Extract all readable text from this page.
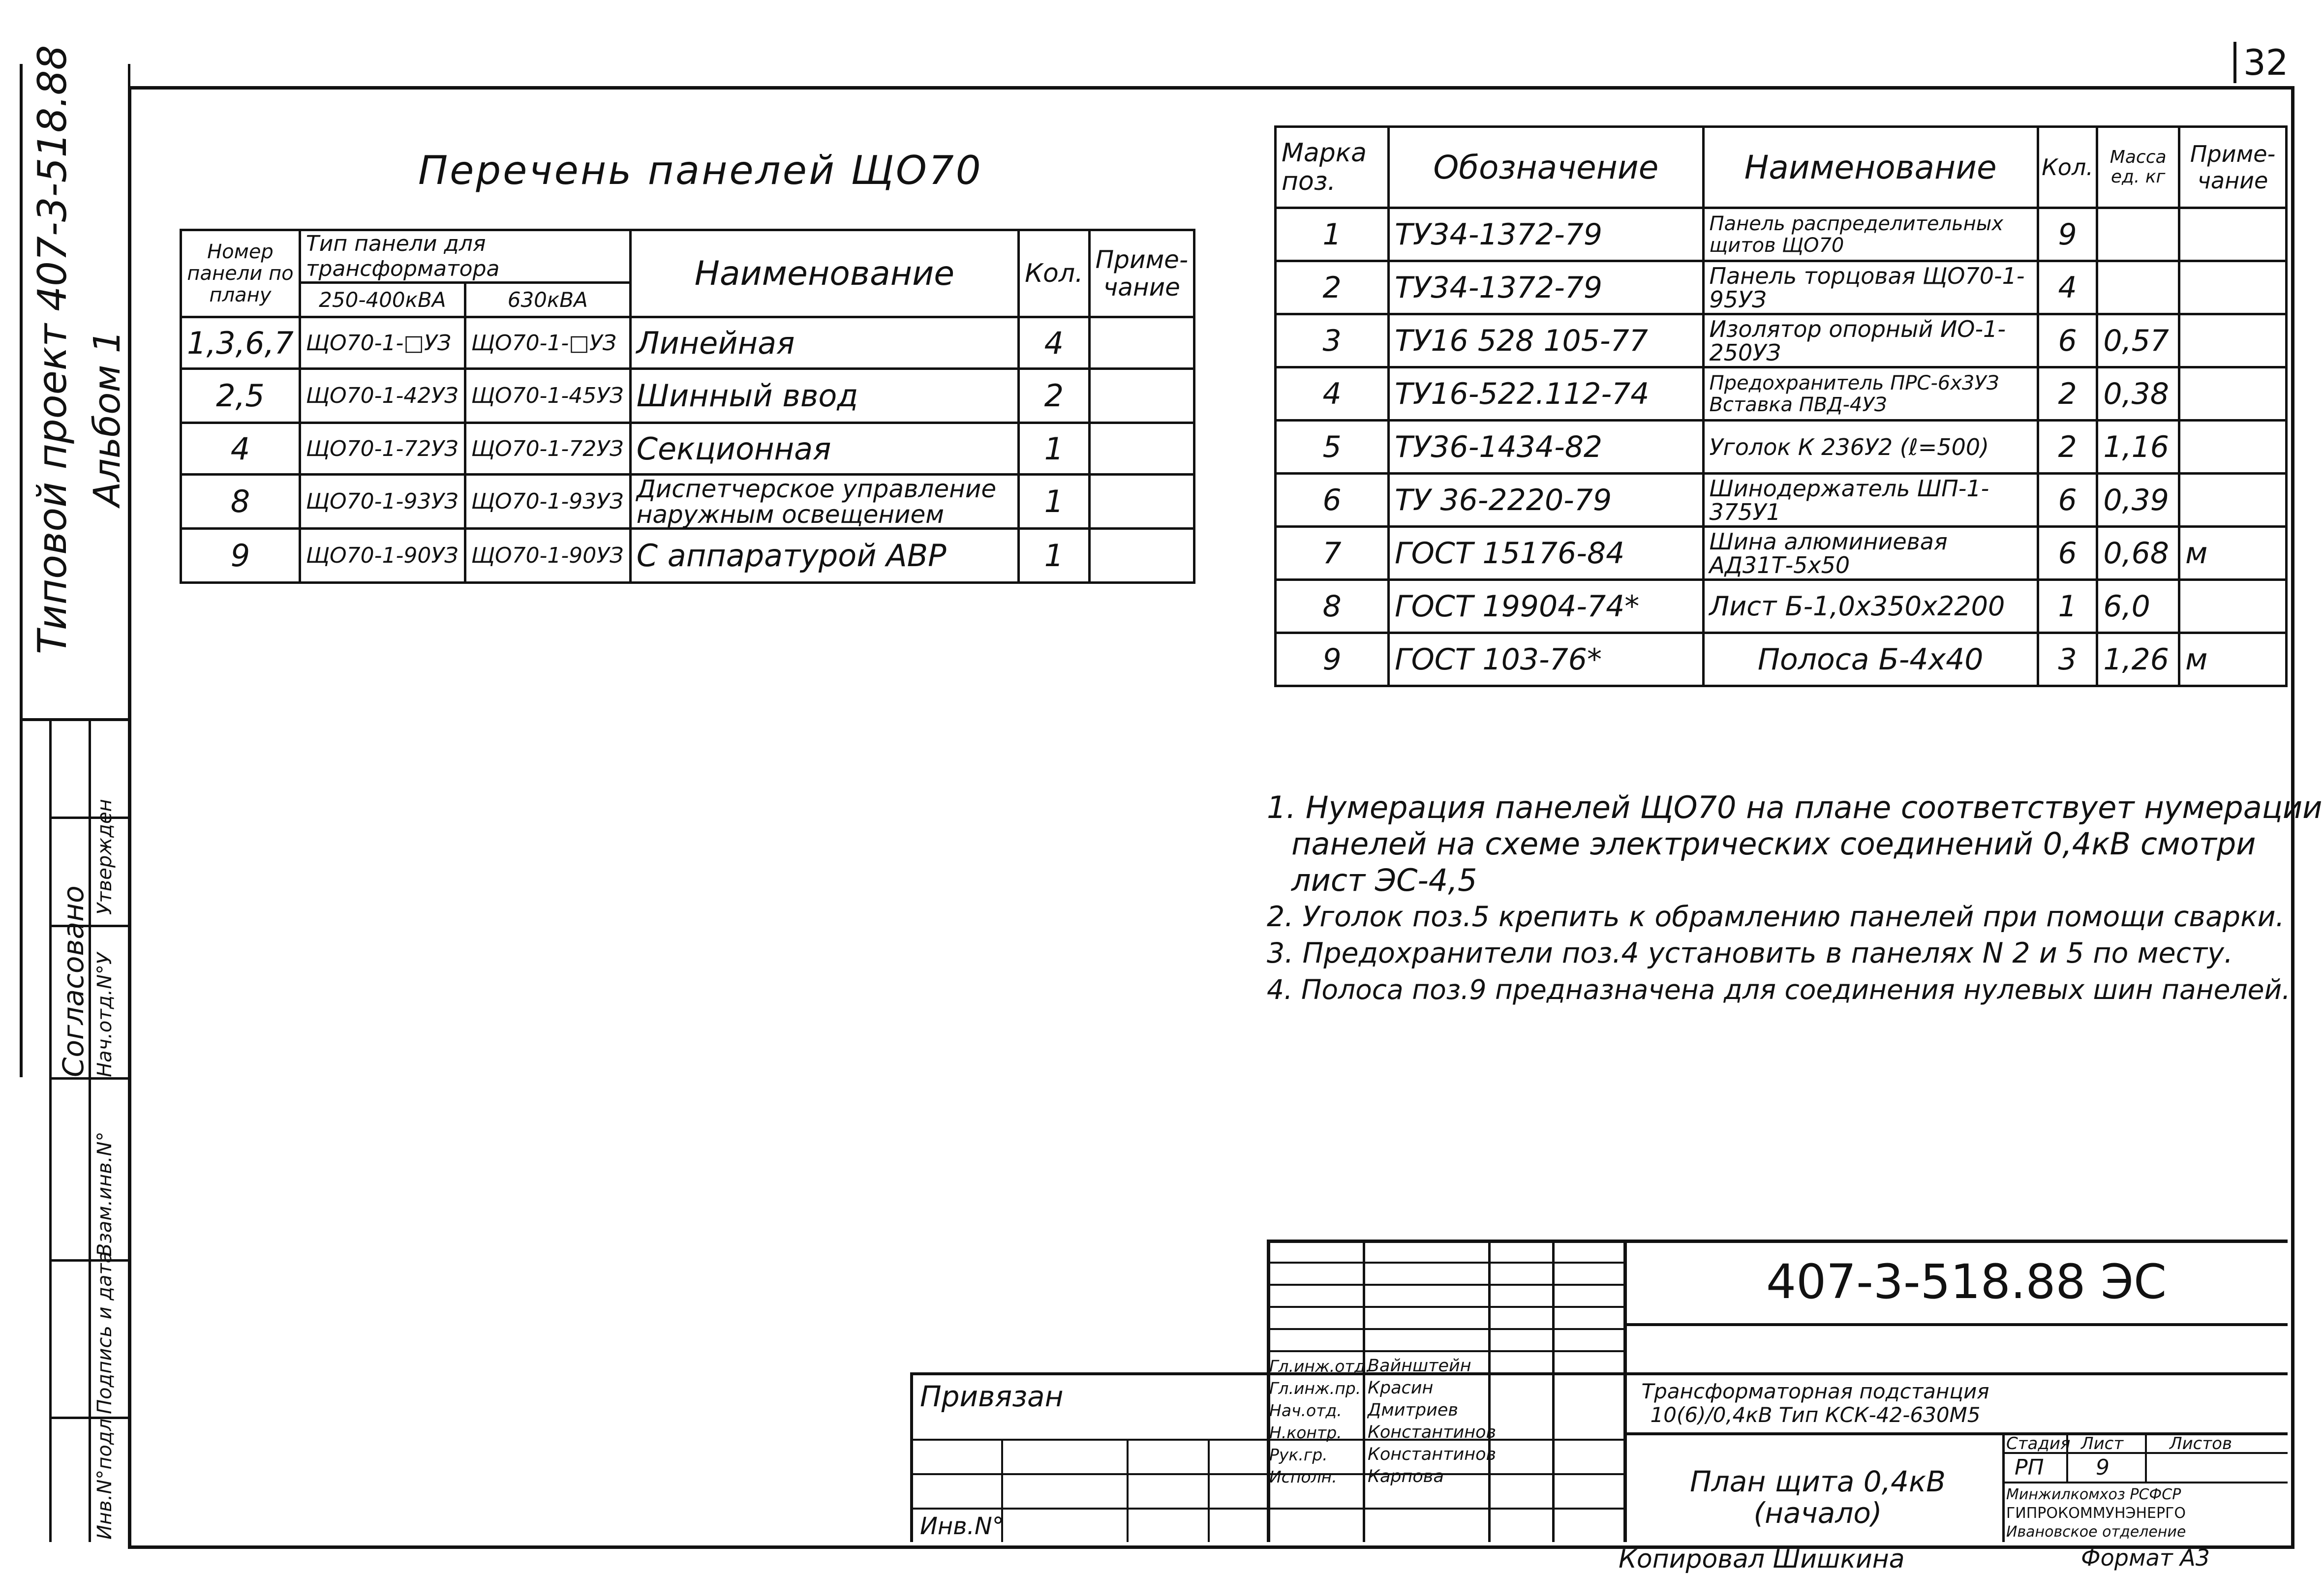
32
Типовой проект 407-3-518.88 Альбом 1
Согласовано Нач.отд.N°У
Утвержден
Инв.N°подл
Подпись и дата
Взам.инв.N°
Перечень панелей ЩО70
Номер панели по плану	Тип панели для трансформатора		Наименование	Кол.	Приме- чание
	250-400кВА	630кВА			
1,3,6,7	ЩО70-1-□УЗ	ЩО70-1-□УЗ	Линейная	4	
2,5	ЩО70-1-42УЗ	ЩО70-1-45УЗ	Шинный ввод	2	
4	ЩО70-1-72УЗ	ЩО70-1-72УЗ	Секционная	1	
8	ЩО70-1-93УЗ	ЩО70-1-93УЗ	Диспетчерское управление наружным освещением	1	
9	ЩО70-1-90УЗ	ЩО70-1-90УЗ	С аппаратурой АВР	1	
Марка поз.	Обозначение	Наименование	Кол.	Масса ед. кг	Приме- чание
1	ТУ34-1372-79	Панель распределительных щитов ЩО70	9		
2	ТУ34-1372-79	Панель торцовая ЩО70-1-95УЗ	4		
3	ТУ16 528 105-77	Изолятор опорный ИО-1-250УЗ	6	0,57	
4	ТУ16-522.112-74	Предохранитель ПРС-6х3УЗ Вставка ПВД-4УЗ	2	0,38	
5	ТУ36-1434-82	Уголок К 236У2 (ℓ=500)	2	1,16	
6	ТУ 36-2220-79	Шинодержатель ШП-1-375У1	6	0,39	
7	ГОСТ 15176-84	Шина алюминиевая АД31Т-5х50	6	0,68	м
8	ГОСТ 19904-74*	Лист Б-1,0х350х2200	1	6,0	
9	ГОСТ 103-76*	Полоса Б-4х40	3	1,26	м
1. Нумерация панелей ЩО70 на плане соответствует нумерации
панелей на схеме электрических соединений 0,4кВ смотри
лист ЭС-4,5
2. Уголок поз.5 крепить к обрамлению панелей при помощи сварки.
3. Предохранители поз.4 установить в панелях N 2 и 5 по месту.
4. Полоса поз.9 предназначена для соединения нулевых шин панелей.
407-3-518.88 ЭС
Привязан
Инв.N°
Гл.инж.отд.
Гл.инж.пр.
Нач.отд.
Н.контр.
Рук.гр.
Исполн.
Вайнштейн
Красин
Дмитриев
Константинов
Константинов
Карпова
Трансформаторная подстанция 10(6)/0,4кВ Тип КСК-42-630М5
План щита 0,4кВ (начало)
Стадия Лист	Листов
РП 9
Минжилкомхоз РСФСР
ГИПРОКОММУНЭНЕРГО
Ивановское отделение
Копировал Шишкина	Формат А3
